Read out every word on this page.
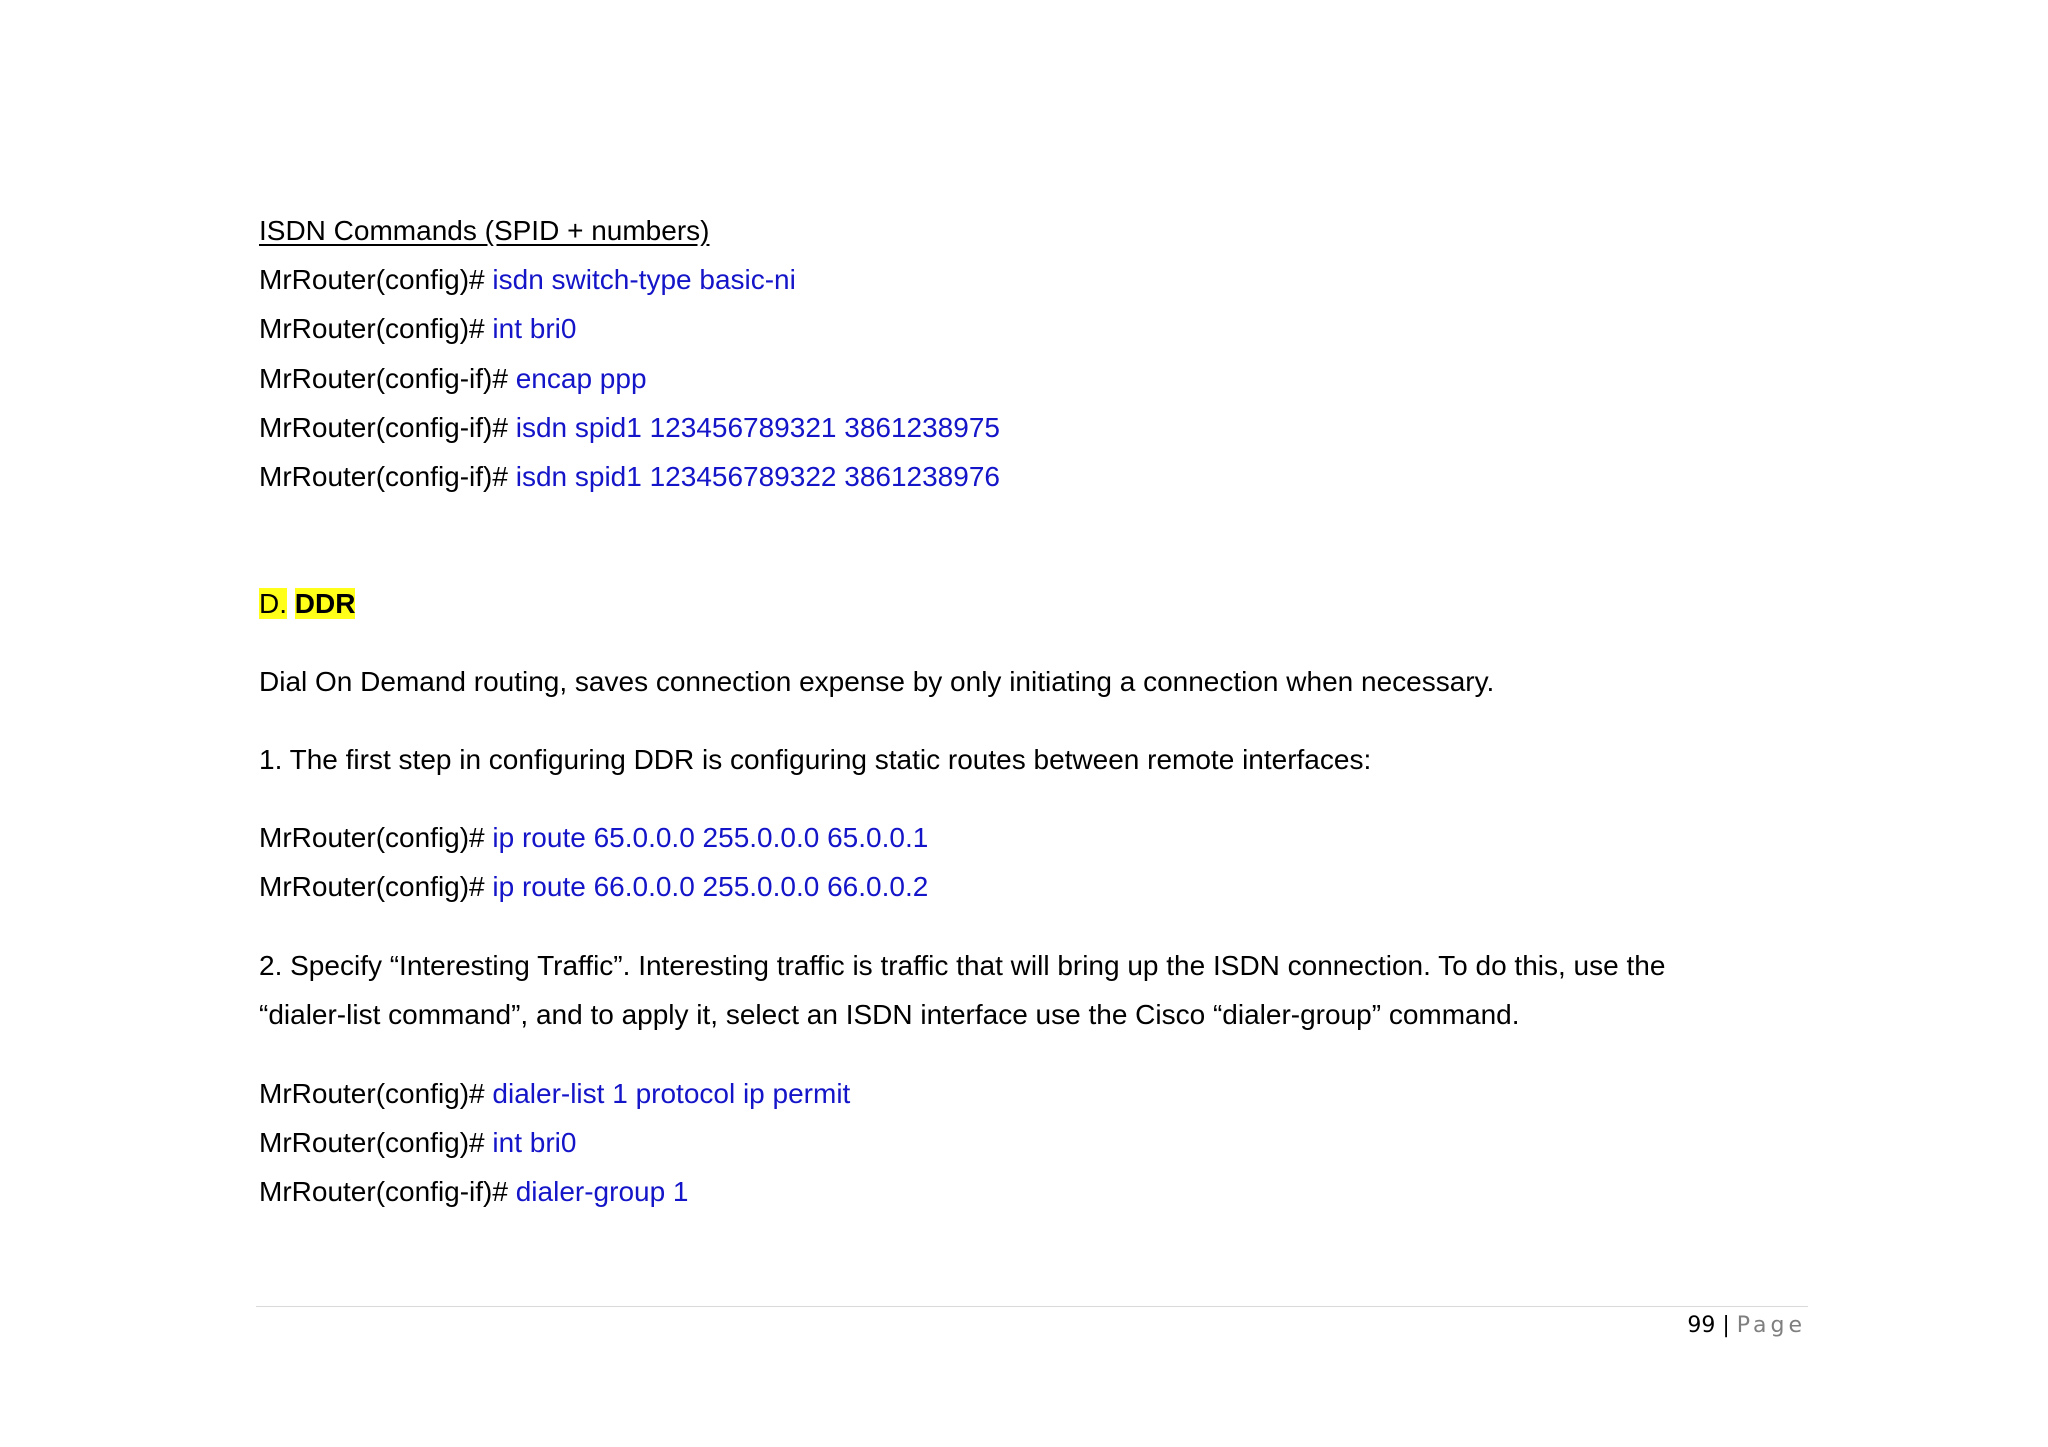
ISDN Commands (SPID + numbers)
MrRouter(config)# isdn switch-type basic-ni
MrRouter(config)# int bri0
MrRouter(config-if)# encap ppp
MrRouter(config-if)# isdn spid1 123456789321 3861238975
MrRouter(config-if)# isdn spid1 123456789322 3861238976
D. DDR
Dial On Demand routing, saves connection expense by only initiating a connection when necessary.
1. The first step in configuring DDR is configuring static routes between remote interfaces:
MrRouter(config)# ip route 65.0.0.0 255.0.0.0 65.0.0.1
MrRouter(config)# ip route 66.0.0.0 255.0.0.0 66.0.0.2
2. Specify “Interesting Traffic”. Interesting traffic is traffic that will bring up the ISDN connection. To do this, use the
“dialer-list command”, and to apply it, select an ISDN interface use the Cisco “dialer-group” command.
MrRouter(config)# dialer-list 1 protocol ip permit
MrRouter(config)# int bri0
MrRouter(config-if)# dialer-group 1
99 | Page
